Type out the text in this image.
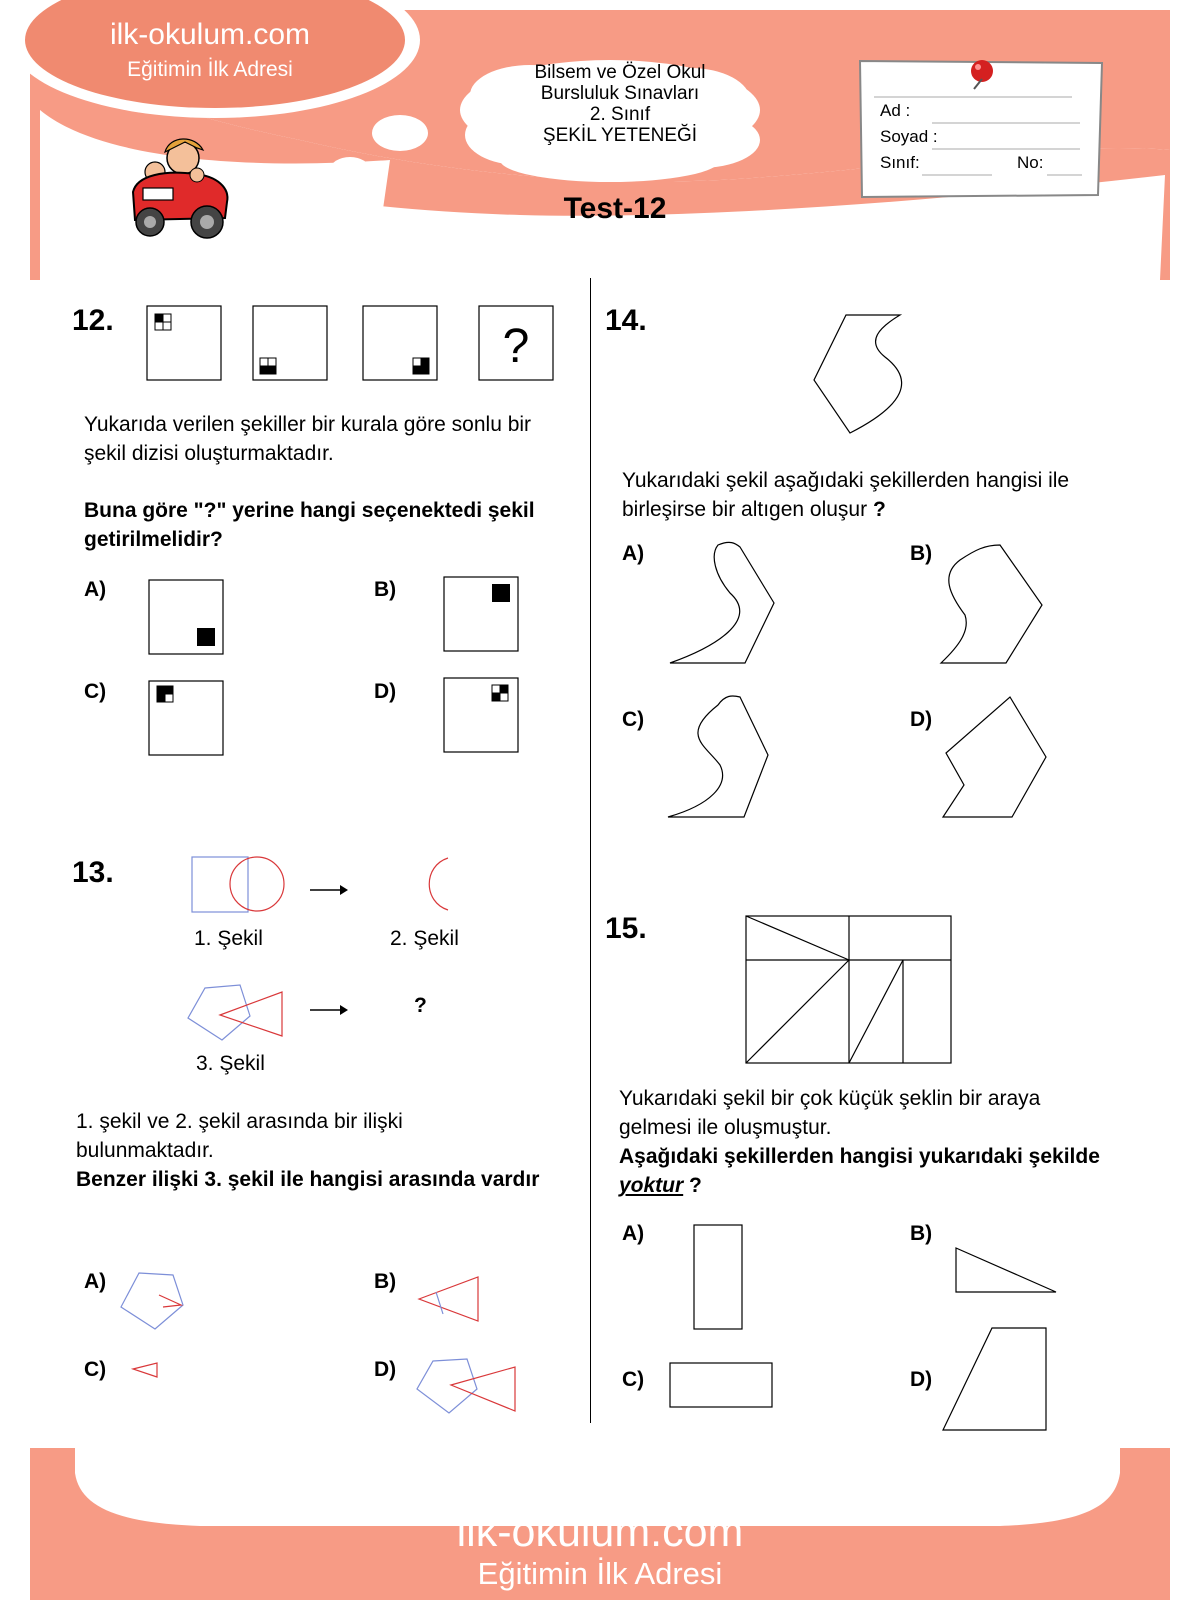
ilk-okulum.com
Eğitimin İlk Adresi	Bilsem ve Özel Okul
Bursluluk Sınavları
2. Sınıf
ŞEKİL YETENEĞİ
Ad :
Soyad :
Sınıf:	No:
Test-12
12.	?
Yukarıda verilen şekiller bir kurala göre sonlu bir şekil dizisi oluşturmaktadır.
Buna göre "?" yerine hangi seçenektedi şekil getirilmelidir?
A)	B)
C)	D)
13.
1. Şekil	2. Şekil
3. Şekil
?
1. şekil ve 2. şekil arasında bir ilişki bulunmaktadır.
Benzer ilişki 3. şekil ile hangisi arasında vardır
A)	B)
C)	D)
14.
Yukarıdaki şekil aşağıdaki şekillerden hangisi ile birleşirse bir altıgen oluşur ?
A)	B)
C)	D)
15.
Yukarıdaki şekil bir çok küçük şeklin bir araya gelmesi ile oluşmuştur.
Aşağıdaki şekillerden hangisi yukarıdaki şekilde yoktur ?
A)	B)
C)	D)
ilk-okulum.com
Eğitimin İlk Adresi
